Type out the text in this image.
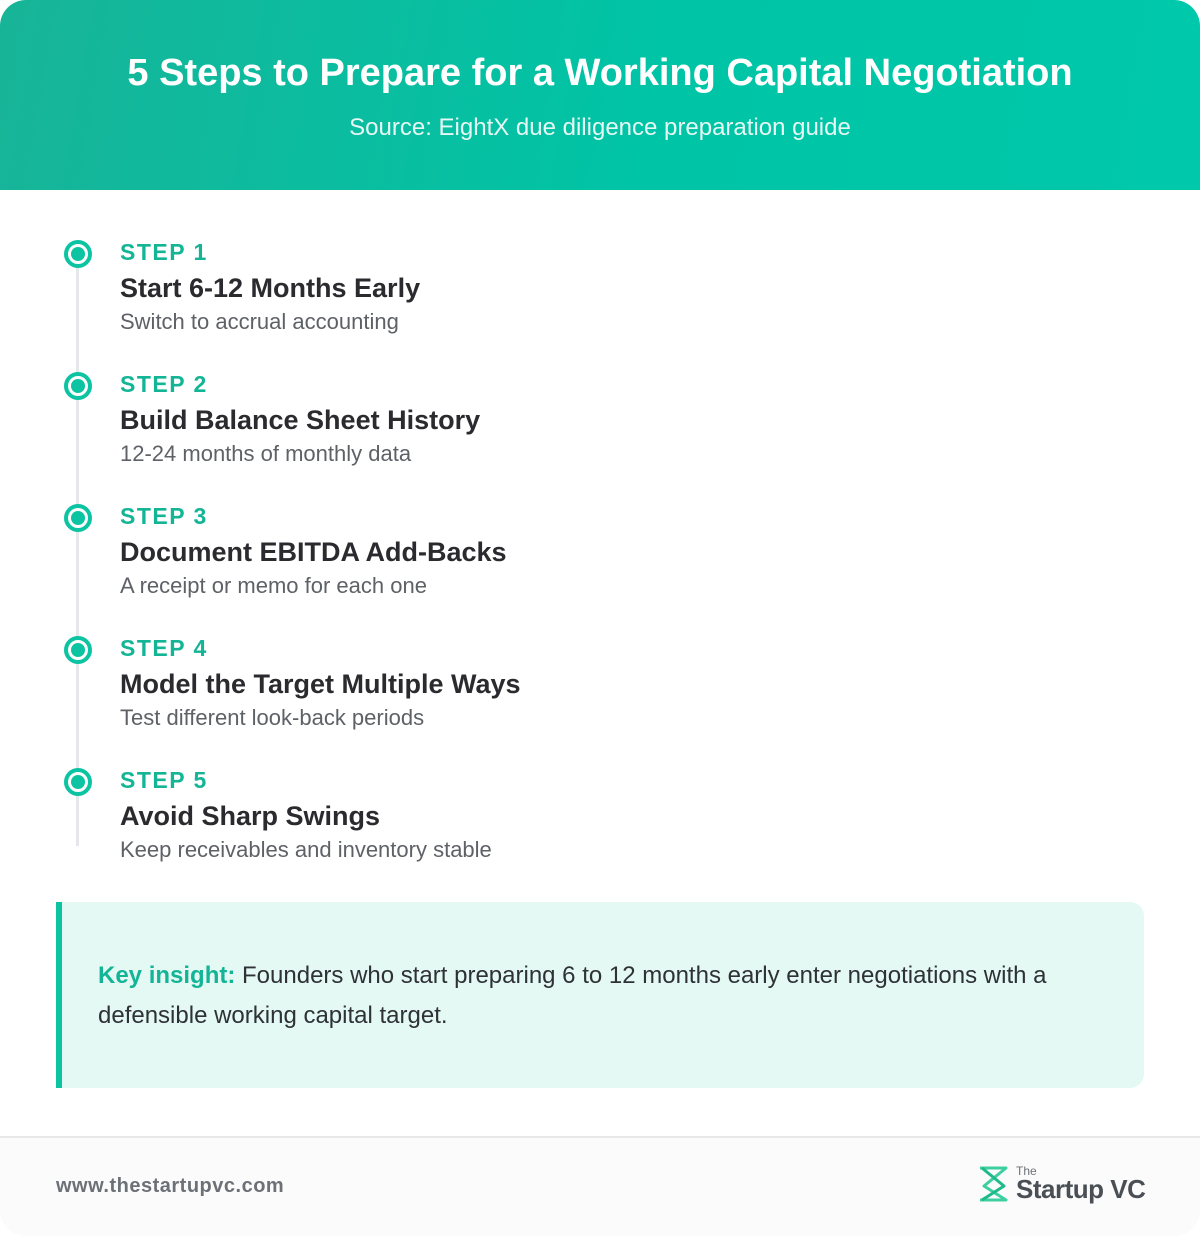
5 Steps to Prepare for a Working Capital Negotiation
Source: EightX due diligence preparation guide
STEP 1
Start 6-12 Months Early
Switch to accrual accounting
STEP 2
Build Balance Sheet History
12-24 months of monthly data
STEP 3
Document EBITDA Add-Backs
A receipt or memo for each one
STEP 4
Model the Target Multiple Ways
Test different look-back periods
STEP 5
Avoid Sharp Swings
Keep receivables and inventory stable
Key insight: Founders who start preparing 6 to 12 months early enter negotiations with a defensible working capital target.
www.thestartupvc.com
The
Startup VC
